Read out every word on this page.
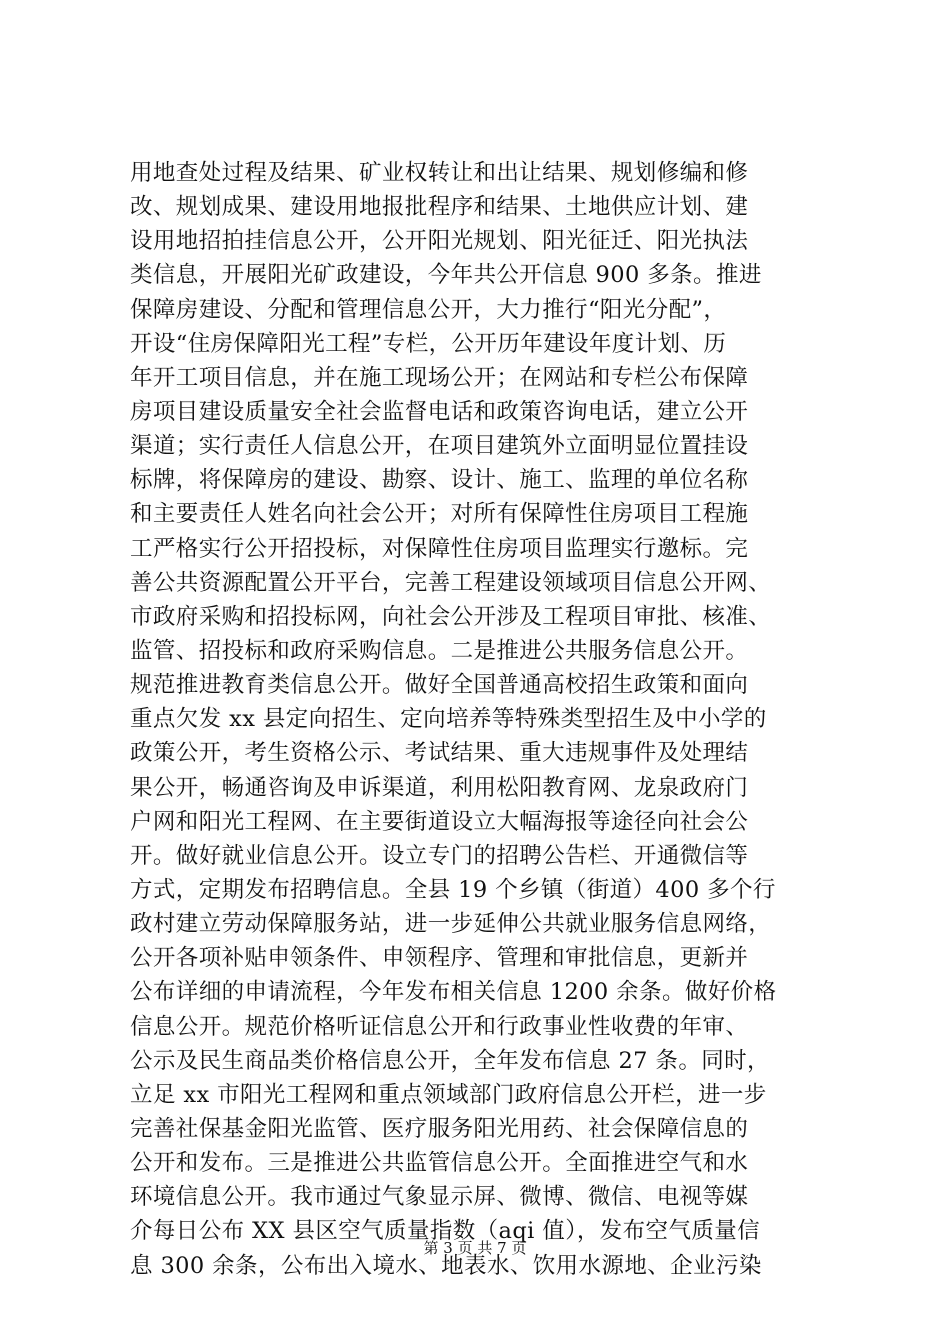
用地查处过程及结果、矿业权转让和出让结果、规划修编和修
改、规划成果、建设用地报批程序和结果、土地供应计划、建
设用地招拍挂信息公开，公开阳光规划、阳光征迁、阳光执法
类信息，开展阳光矿政建设，今年共公开信息 900 多条。推进
保障房建设、分配和管理信息公开，大力推行“阳光分配”，
开设“住房保障阳光工程”专栏，公开历年建设年度计划、历
年开工项目信息，并在施工现场公开；在网站和专栏公布保障
房项目建设质量安全社会监督电话和政策咨询电话，建立公开
渠道；实行责任人信息公开，在项目建筑外立面明显位置挂设
标牌，将保障房的建设、勘察、设计、施工、监理的单位名称
和主要责任人姓名向社会公开；对所有保障性住房项目工程施
工严格实行公开招投标，对保障性住房项目监理实行邀标。完
善公共资源配置公开平台，完善工程建设领域项目信息公开网、
市政府采购和招投标网，向社会公开涉及工程项目审批、核准、
监管、招投标和政府采购信息。二是推进公共服务信息公开。
规范推进教育类信息公开。做好全国普通高校招生政策和面向
重点欠发 xx 县定向招生、定向培养等特殊类型招生及中小学的
政策公开，考生资格公示、考试结果、重大违规事件及处理结
果公开，畅通咨询及申诉渠道，利用松阳教育网、龙泉政府门
户网和阳光工程网、在主要街道设立大幅海报等途径向社会公
开。做好就业信息公开。设立专门的招聘公告栏、开通微信等
方式，定期发布招聘信息。全县 19 个乡镇（街道）400 多个行
政村建立劳动保障服务站，进一步延伸公共就业服务信息网络，
公开各项补贴申领条件、申领程序、管理和审批信息，更新并
公布详细的申请流程，今年发布相关信息 1200 余条。做好价格
信息公开。规范价格听证信息公开和行政事业性收费的年审、
公示及民生商品类价格信息公开，全年发布信息 27 条。同时，
立足 xx 市阳光工程网和重点领域部门政府信息公开栏，进一步
完善社保基金阳光监管、医疗服务阳光用药、社会保障信息的
公开和发布。三是推进公共监管信息公开。全面推进空气和水
环境信息公开。我市通过气象显示屏、微博、微信、电视等媒
介每日公布 XX 县区空气质量指数（aqi 值），发布空气质量信
息 300 余条，公布出入境水、地表水、饮用水源地、企业污染
第 3 页 共 7 页
